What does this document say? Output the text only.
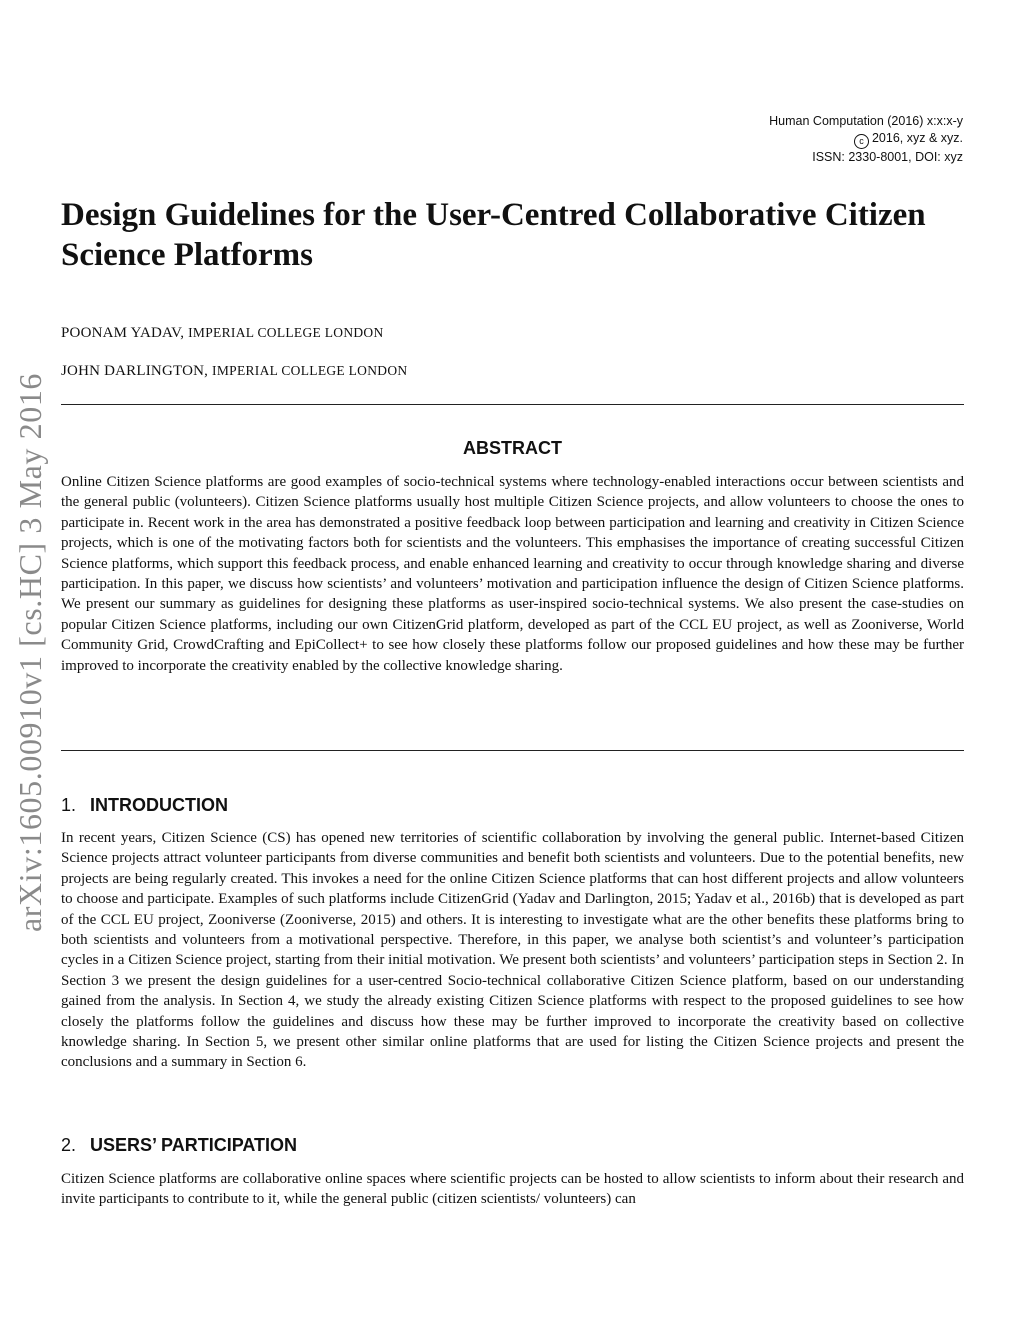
Human Computation (2016) x:x:x-y
c 2016, xyz & xyz.
ISSN: 2330-8001, DOI: xyz
arXiv:1605.00910v1 [cs.HC] 3 May 2016
Design Guidelines for the User-Centred Collaborative Citizen Science Platforms
POONAM YADAV, IMPERIAL COLLEGE LONDON
JOHN DARLINGTON, IMPERIAL COLLEGE LONDON
ABSTRACT

Online Citizen Science platforms are good examples of socio-technical systems where technology-enabled interactions occur between scientists and the general public (volunteers). Citizen Science platforms usually host multiple Citizen Science projects, and allow volunteers to choose the ones to participate in. Recent work in the area has demonstrated a positive feedback loop between participation and learning and creativity in Citizen Science projects, which is one of the motivating factors both for scientists and the volunteers. This emphasises the importance of creating successful Citizen Science platforms, which support this feedback process, and enable enhanced learning and creativity to occur through knowledge sharing and diverse participation. In this paper, we discuss how scientists’ and volunteers’ motivation and participation influence the design of Citizen Science platforms. We present our summary as guidelines for designing these platforms as user-inspired socio-technical systems. We also present the case-studies on popular Citizen Science platforms, including our own CitizenGrid platform, developed as part of the CCL EU project, as well as Zooniverse, World Community Grid, CrowdCrafting and EpiCollect+ to see how closely these platforms follow our proposed guidelines and how these may be further improved to incorporate the creativity enabled by the collective knowledge sharing.

1. INTRODUCTION

In recent years, Citizen Science (CS) has opened new territories of scientific collaboration by involving the general public. Internet-based Citizen Science projects attract volunteer participants from diverse communities and benefit both scientists and volunteers. Due to the potential benefits, new projects are being regularly created. This invokes a need for the online Citizen Science platforms that can host different projects and allow volunteers to choose and participate. Examples of such platforms include CitizenGrid (Yadav and Darlington, 2015; Yadav et al., 2016b) that is developed as part of the CCL EU project, Zooniverse (Zooniverse, 2015) and others. It is interesting to investigate what are the other benefits these platforms bring to both scientists and volunteers from a motivational perspective. Therefore, in this paper, we analyse both scientist’s and volunteer’s participation cycles in a Citizen Science project, starting from their initial motivation. We present both scientists’ and volunteers’ participation steps in Section 2. In Section 3 we present the design guidelines for a user-centred Socio-technical collaborative Citizen Science platform, based on our understanding gained from the analysis. In Section 4, we study the already existing Citizen Science platforms with respect to the proposed guidelines to see how closely the platforms follow the guidelines and discuss how these may be further improved to incorporate the creativity based on collective knowledge sharing. In Section 5, we present other similar online platforms that are used for listing the Citizen Science projects and present the conclusions and a summary in Section 6.

2. USERS’ PARTICIPATION

Citizen Science platforms are collaborative online spaces where scientific projects can be hosted to allow scientists to inform about their research and invite participants to contribute to it, while the general public (citizen scientists/ volunteers) can
